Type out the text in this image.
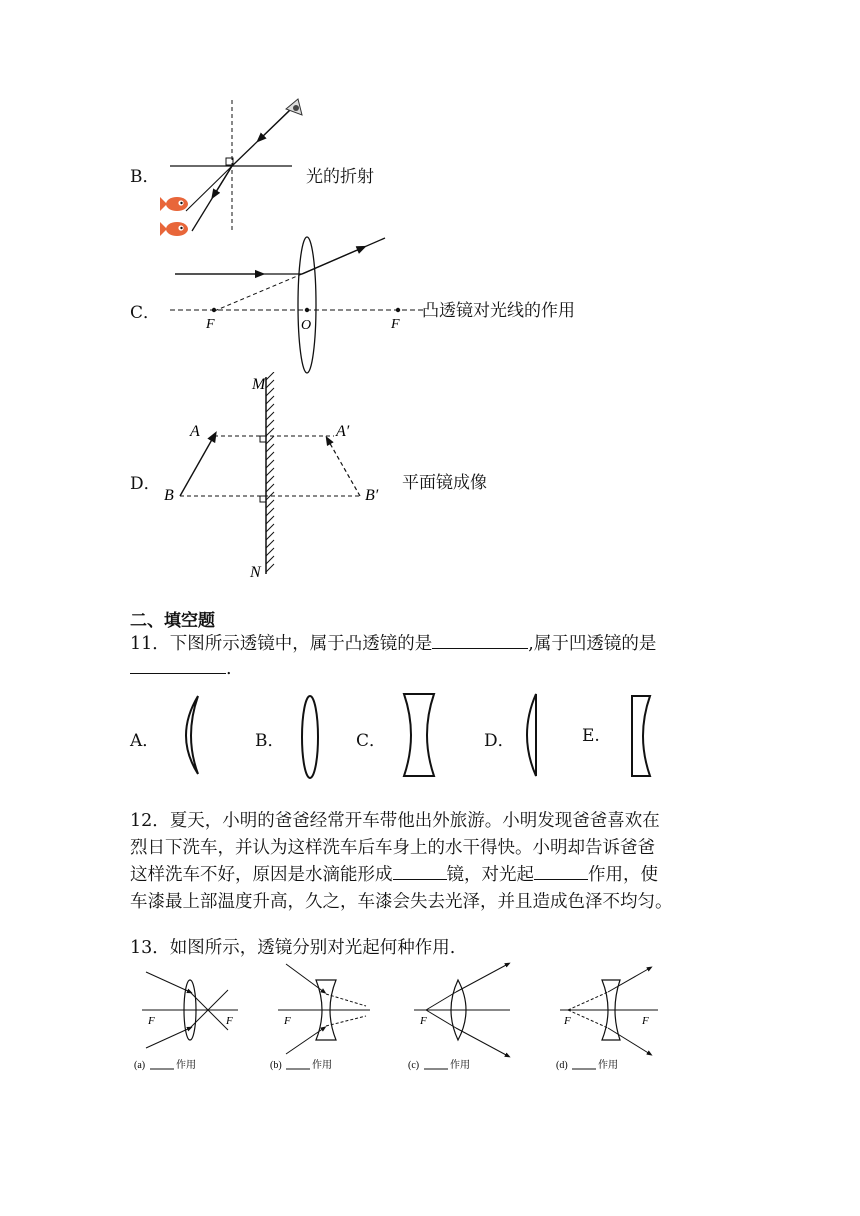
B．	光的折射
C．
F	O	F
凸透镜对光线的作用
D．
M
N
A
B
A′
B′
平面镜成像
二、填空题
11．下图所示透镜中，属于凸透镜的是	,属于凹透镜的是
.
A．	B．	C．	D．	E.
12．夏天，小明的爸爸经常开车带他出外旅游。小明发现爸爸喜欢在
烈日下洗车，并认为这样洗车后车身上的水干得快。小明却告诉爸爸
这样洗车不好，原因是水滴能形成	镜，对光起	作用，使
车漆最上部温度升高，久之，车漆会失去光泽，并且造成色泽不均匀。
13．如图所示，透镜分别对光起何种作用.
F	F
(a)	作用
F
(b)	作用
F
(c)	作用
F	F
(d)	作用
